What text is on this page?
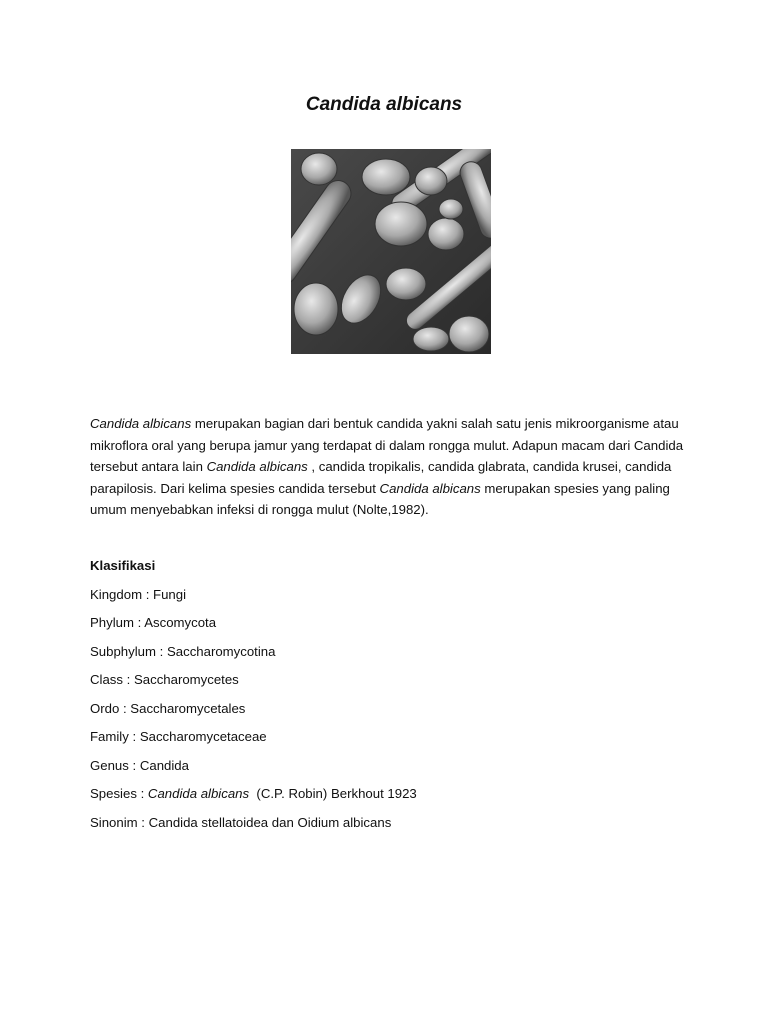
Candida albicans

Candida albicans merupakan bagian dari bentuk candida yakni salah satu jenis mikroorganisme atau mikroflora oral yang berupa jamur yang terdapat di dalam rongga mulut. Adapun macam dari Candida tersebut antara lain Candida albicans , candida tropikalis, candida glabrata, candida krusei, candida parapilosis. Dari kelima spesies candida tersebut Candida albicans merupakan spesies yang paling umum menyebabkan infeksi di rongga mulut (Nolte,1982).

Klasifikasi
Kingdom : Fungi
Phylum : Ascomycota
Subphylum : Saccharomycotina
Class : Saccharomycetes
Ordo : Saccharomycetales
Family : Saccharomycetaceae
Genus : Candida
Spesies : Candida albicans  (C.P. Robin) Berkhout 1923
Sinonim : Candida stellatoidea dan Oidium albicans
